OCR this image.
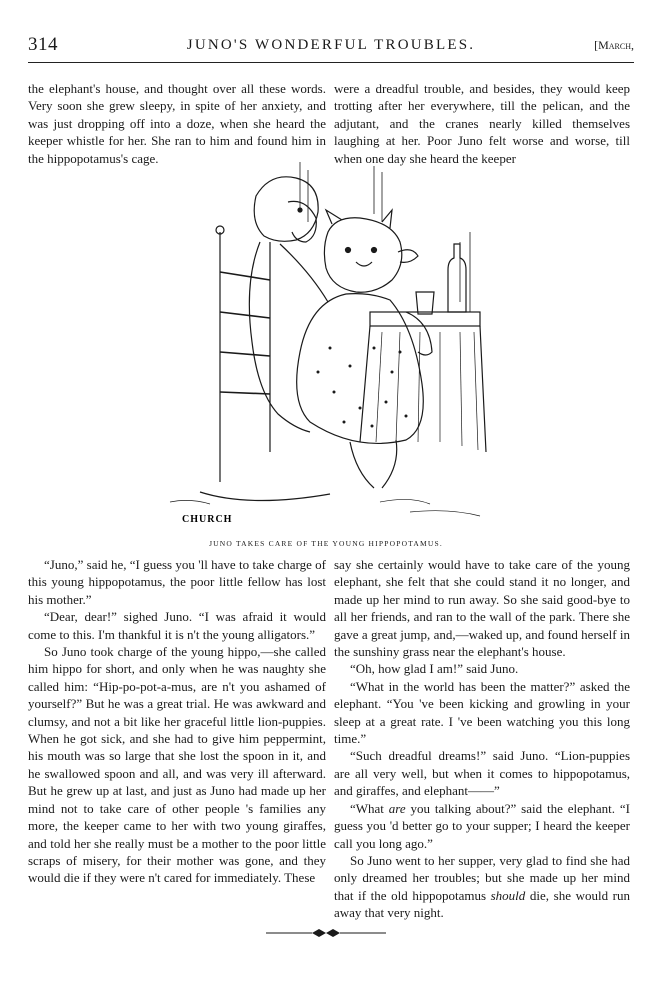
314	JUNO'S WONDERFUL TROUBLES.	[March,

the elephant's house, and thought over all these words. Very soon she grew sleepy, in spite of her anxiety, and was just dropping off into a doze, when she heard the keeper whistle for her. She ran to him and found him in the hippopotamus's cage.

were a dreadful trouble, and besides, they would keep trotting after her everywhere, till the pelican, and the adjutant, and the cranes nearly killed themselves laughing at her. Poor Juno felt worse and worse, till when one day she heard the keeper

CHURCH
JUNO TAKES CARE OF THE YOUNG HIPPOPOTAMUS.

“Juno,” said he, “I guess you 'll have to take charge of this young hippopotamus, the poor little fellow has lost his mother.”

“Dear, dear!” sighed Juno. “I was afraid it would come to this. I'm thankful it is n't the young alligators.”

So Juno took charge of the young hippo,—she called him hippo for short, and only when he was naughty she called him: “Hip-po-pot-a-mus, are n't you ashamed of yourself?” But he was a great trial. He was awkward and clumsy, and not a bit like her graceful little lion-puppies. When he got sick, and she had to give him peppermint, his mouth was so large that she lost the spoon in it, and he swallowed spoon and all, and was very ill afterward. But he grew up at last, and just as Juno had made up her mind not to take care of other people 's families any more, the keeper came to her with two young giraffes, and told her she really must be a mother to the poor little scraps of misery, for their mother was gone, and they would die if they were n't cared for immediately. These

say she certainly would have to take care of the young elephant, she felt that she could stand it no longer, and made up her mind to run away. So she said good-bye to all her friends, and ran to the wall of the park. There she gave a great jump, and,—waked up, and found herself in the sunshiny grass near the elephant's house.

“Oh, how glad I am!” said Juno.

“What in the world has been the matter?” asked the elephant. “You 've been kicking and growling in your sleep at a great rate. I 've been watching you this long time.”

“Such dreadful dreams!” said Juno. “Lion-puppies are all very well, but when it comes to hippopotamus, and giraffes, and elephant——”

“What are you talking about?” said the elephant. “I guess you 'd better go to your supper; I heard the keeper call you long ago.”

So Juno went to her supper, very glad to find she had only dreamed her troubles; but she made up her mind that if the old hippopotamus should die, she would run away that very night.
